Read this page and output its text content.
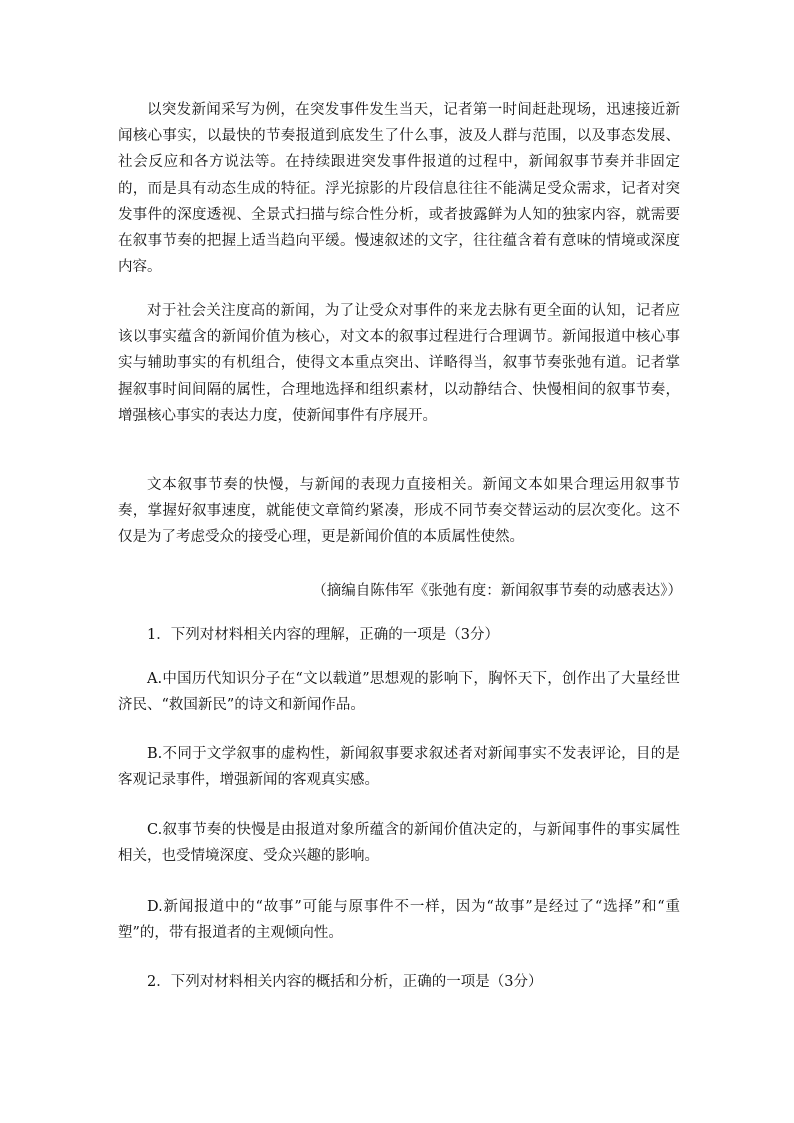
以突发新闻采写为例，在突发事件发生当天，记者第一时间赶赴现场，迅速接近新闻核心事实，以最快的节奏报道到底发生了什么事，波及人群与范围，以及事态发展、社会反应和各方说法等。在持续跟进突发事件报道的过程中，新闻叙事节奏并非固定的，而是具有动态生成的特征。浮光掠影的片段信息往往不能满足受众需求，记者对突发事件的深度透视、全景式扫描与综合性分析，或者披露鲜为人知的独家内容，就需要在叙事节奏的把握上适当趋向平缓。慢速叙述的文字，往往蕴含着有意味的情境或深度内容。

对于社会关注度高的新闻，为了让受众对事件的来龙去脉有更全面的认知，记者应该以事实蕴含的新闻价值为核心，对文本的叙事过程进行合理调节。新闻报道中核心事实与辅助事实的有机组合，使得文本重点突出、详略得当，叙事节奏张弛有道。记者掌握叙事时间间隔的属性，合理地选择和组织素材，以动静结合、快慢相间的叙事节奏，增强核心事实的表达力度，使新闻事件有序展开。

文本叙事节奏的快慢，与新闻的表现力直接相关。新闻文本如果合理运用叙事节奏，掌握好叙事速度，就能使文章简约紧凑，形成不同节奏交替运动的层次变化。这不仅是为了考虑受众的接受心理，更是新闻价值的本质属性使然。

（摘编自陈伟军《张弛有度：新闻叙事节奏的动感表达》）

1．下列对材料相关内容的理解，正确的一项是（3分）

A.中国历代知识分子在“文以载道”思想观的影响下，胸怀天下，创作出了大量经世济民、“救国新民”的诗文和新闻作品。

B.不同于文学叙事的虚构性，新闻叙事要求叙述者对新闻事实不发表评论，目的是客观记录事件，增强新闻的客观真实感。

C.叙事节奏的快慢是由报道对象所蕴含的新闻价值决定的，与新闻事件的事实属性相关，也受情境深度、受众兴趣的影响。

D.新闻报道中的“故事”可能与原事件不一样，因为“故事”是经过了“选择”和“重塑”的，带有报道者的主观倾向性。

2．下列对材料相关内容的概括和分析，正确的一项是（3分）
